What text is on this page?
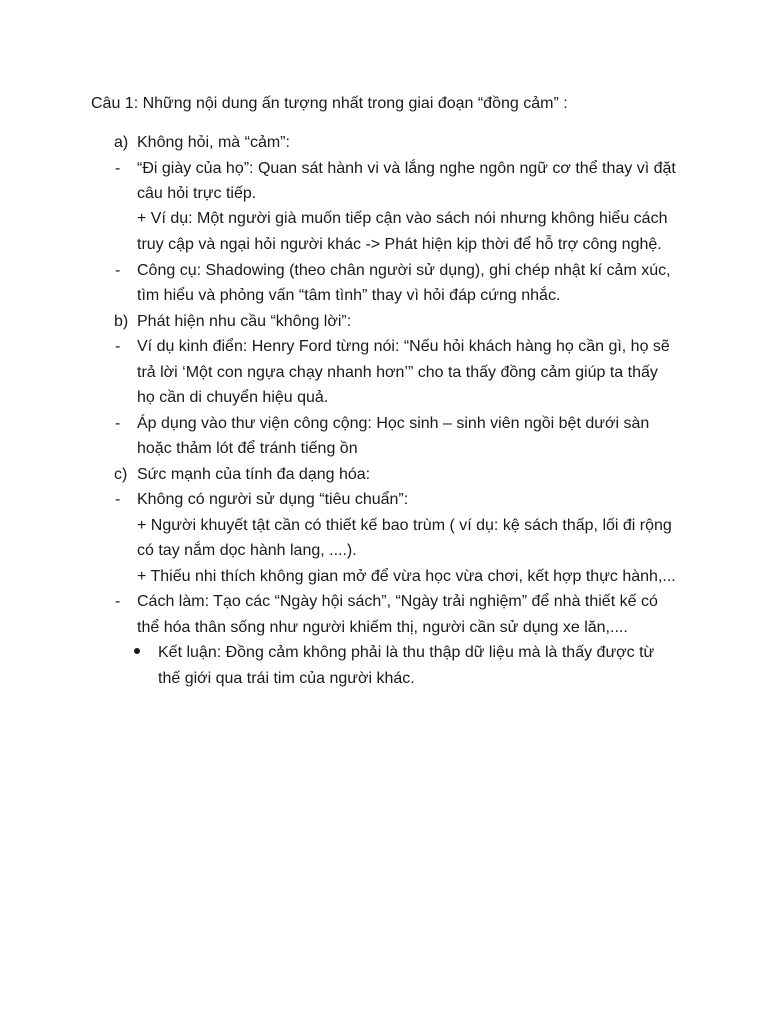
Câu 1: Những nội dung ấn tượng nhất trong giai đoạn “đồng cảm” :
a) Không hỏi, mà “cảm”:
- “Đi giày của họ”: Quan sát hành vi và lắng nghe ngôn ngữ cơ thể thay vì đặt
câu hỏi trực tiếp.
+ Ví dụ: Một người già muốn tiếp cận vào sách nói nhưng không hiểu cách
truy cập và ngại hỏi người khác -> Phát hiện kịp thời để hỗ trợ công nghệ.
- Công cụ: Shadowing (theo chân người sử dụng), ghi chép nhật kí cảm xúc,
tìm hiểu và phỏng vấn “tâm tình” thay vì hỏi đáp cứng nhắc.
b) Phát hiện nhu cầu “không lời”:
- Ví dụ kinh điển: Henry Ford từng nói: “Nếu hỏi khách hàng họ cần gì, họ sẽ
trả lời ‘Một con ngựa chạy nhanh hơn’” cho ta thấy đồng cảm giúp ta thấy
họ cần di chuyển hiệu quả.
- Áp dụng vào thư viện công cộng: Học sinh – sinh viên ngồi bệt dưới sàn
hoặc thảm lót để tránh tiếng ồn
c) Sức mạnh của tính đa dạng hóa:
- Không có người sử dụng “tiêu chuẩn”:
+ Người khuyết tật cần có thiết kế bao trùm ( ví dụ: kệ sách thấp, lối đi rộng
có tay nắm dọc hành lang, ....).
+ Thiếu nhi thích không gian mở để vừa học vừa chơi, kết hợp thực hành,...
- Cách làm: Tạo các “Ngày hội sách”, “Ngày trải nghiệm” để nhà thiết kế có
thể hóa thân sống như người khiếm thị, người cần sử dụng xe lăn,....
Kết luận: Đồng cảm không phải là thu thập dữ liệu mà là thấy được từ
thế giới qua trái tim của người khác.
